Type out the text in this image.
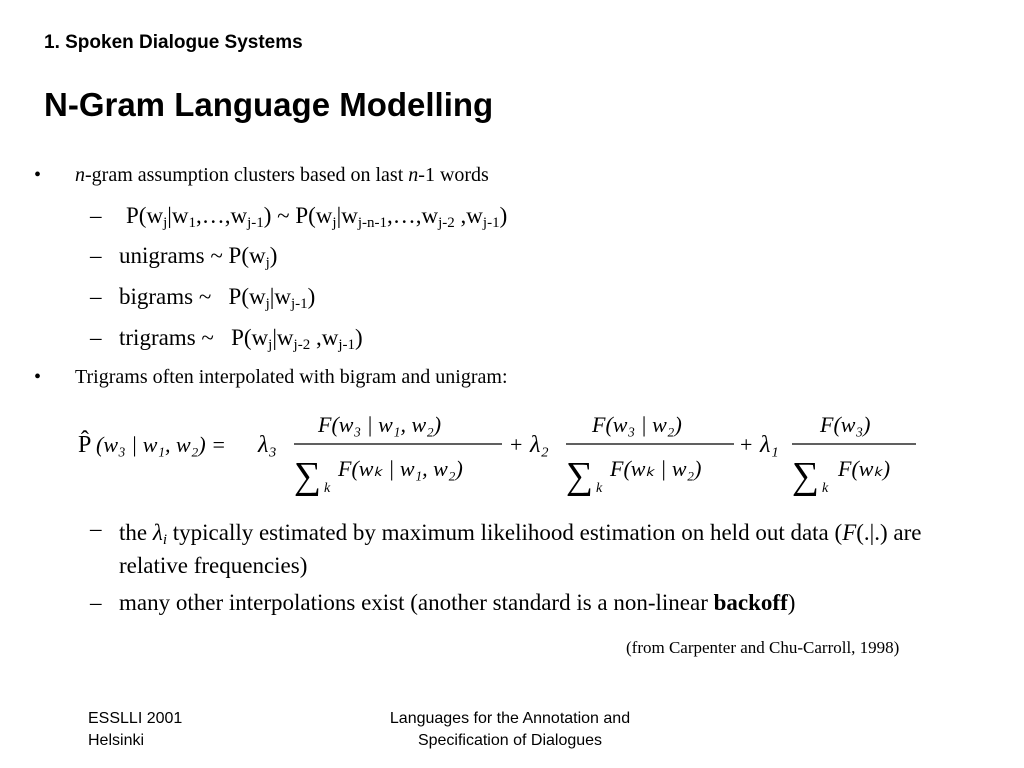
1. Spoken Dialogue Systems
N-Gram Language Modelling
• n-gram assumption clusters based on last n-1 words
– $P(w_j|w_1,\dots,w_{j-1})$ ~ $P(w_j|w_{j-n-1},\dots,w_{j-2}$ $,w_{j-1}$)
– unigrams ~ $P(w_j)$
– bigrams ~   $P(w_j|w_{j-1})$
– trigrams ~   $P(w_j|w_{j-2}$ $,w_{j-1}$)
• Trigrams often interpolated with bigram and unigram:
P̂ (w₃ | w₁, w₂) = λ₃
F(w₃ | w₁, w₂)
∑ k
F(wₖ | w₁, w₂)
+ λ₂
F(w₃ | w₂)
∑ k
F(wₖ | w₂)
+ λ₁
F(w₃)
∑ k
F(wₖ)
– the $\lambda_i$ typically estimated by maximum likelihood estimation on held out data (F(.|.) are relative frequencies)
– many other interpolations exist (another standard is a non-linear backoff)
(from Carpenter and Chu-Carroll, 1998)
ESSLLI 2001
Helsinki
Languages for the Annotation and
Specification of Dialogues
